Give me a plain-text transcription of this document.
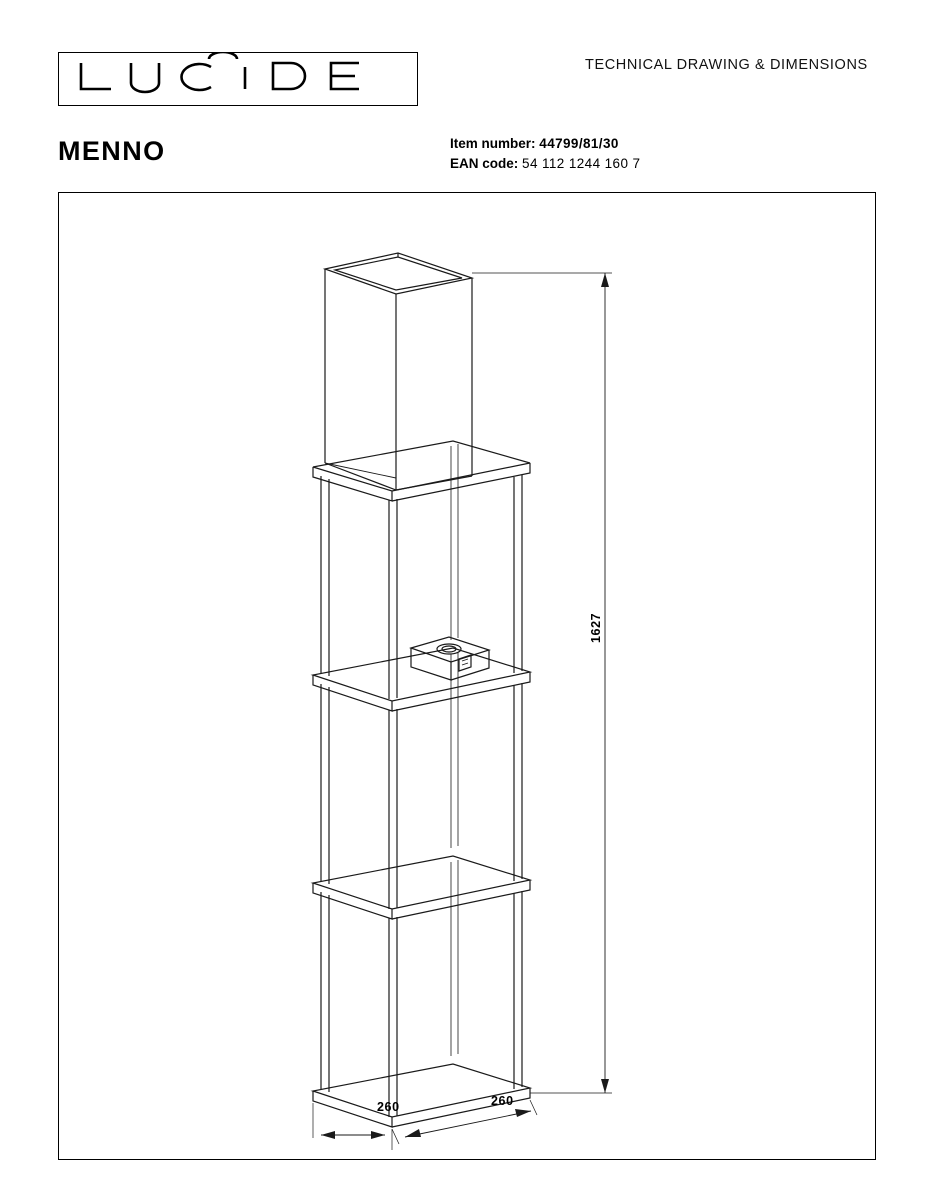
TECHNICAL DRAWING & DIMENSIONS
MENNO	Item number: 44799/81/30
EAN code: 54 112 1244 160 7
1627
260	260
